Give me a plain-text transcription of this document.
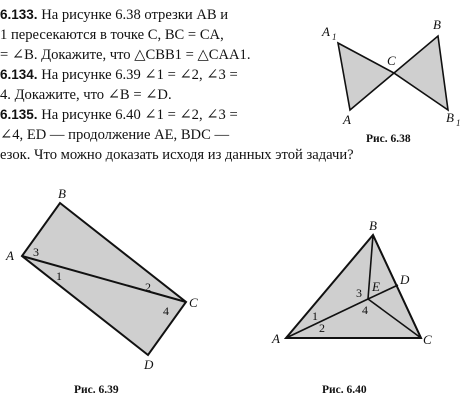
6.133. На рисунке 6.38 отрезки AB и
1 пересекаются в точке C, BC = CA,
= ∠B. Докажите, что △CBB1 = △CAA1.
6.134. На рисунке 6.39 ∠1 = ∠2, ∠3 =
4. Докажите, что ∠B = ∠D.
6.135. На рисунке 6.40 ∠1 = ∠2, ∠3 =
∠4, ED — продолжение AE, BDC —
езок. Что можно доказать исходя из данных этой задачи?
A 1
B
C
A	B
Рис. 6.38
A
B
C
D
3
1
2
4
Рис. 6.39
A
B
C
D
E
1
2
3
4
Рис. 6.40
